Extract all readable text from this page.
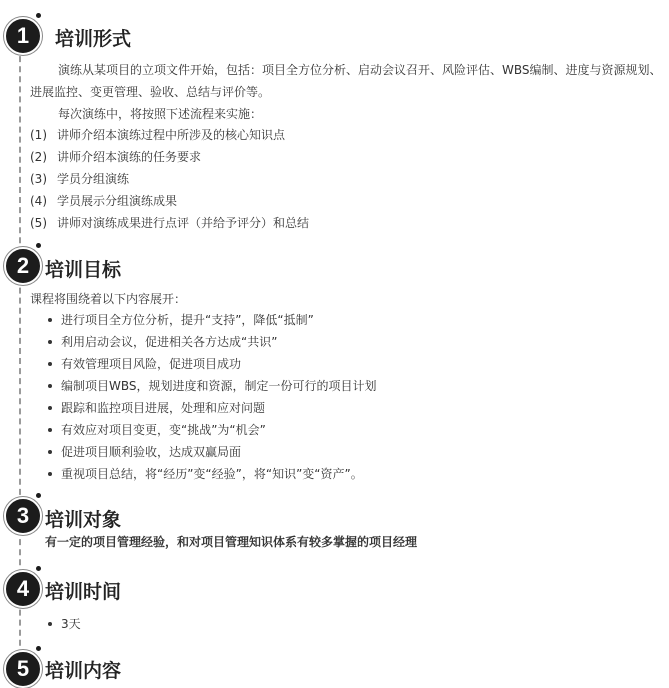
1	培训形式
演练从某项目的立项文件开始，包括：项目全方位分析、启动会议召开、风险评估、WBS编制、进度与资源规划、进展监控、变更管理、验收、总结与评价等。
每次演练中，将按照下述流程来实施：
(1) 讲师介绍本演练过程中所涉及的核心知识点
(2) 讲师介绍本演练的任务要求
(3) 学员分组演练
(4) 学员展示分组演练成果
(5) 讲师对演练成果进行点评（并给予评分）和总结
2 培训目标
课程将围绕着以下内容展开：
进行项目全方位分析，提升“支持”，降低“抵制”
利用启动会议，促进相关各方达成“共识”
有效管理项目风险，促进项目成功
编制项目WBS，规划进度和资源，制定一份可行的项目计划
跟踪和监控项目进展，处理和应对问题
有效应对项目变更，变“挑战”为“机会”
促进项目顺利验收，达成双赢局面
重视项目总结，将“经历”变“经验”，将“知识”变“资产”。
3 培训对象
有一定的项目管理经验，和对项目管理知识体系有较多掌握的项目经理
4 培训时间
3天
5 培训内容
